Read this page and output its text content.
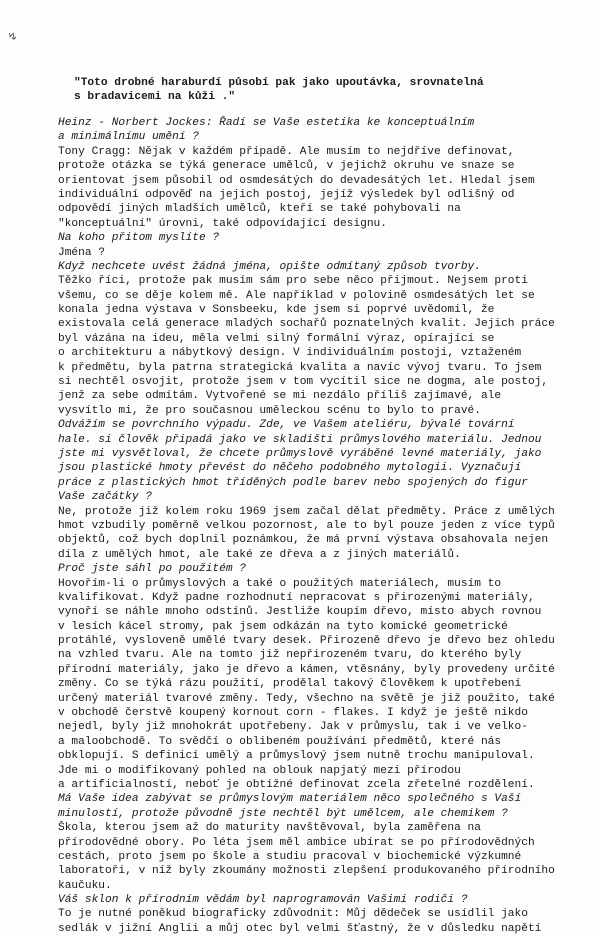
↯

"Toto drobné haraburdí působí pak jako upoutávka, srovnatelná
s bradavicemi na kůži ."

Heinz - Norbert Jockes: Řadí se Vaše estetika ke konceptuálním
a minimálnímu umění ?
Tony Cragg: Nějak v každém případě. Ale musím to nejdříve definovat,
protože otázka se týká generace umělců, v jejichž okruhu ve snaze se
orientovat jsem působil od osmdesátých do devadesátých let. Hledal jsem
individuální odpověď na jejich postoj, jejíž výsledek byl odlišný od
odpovědí jiných mladších umělců, kteří se také pohybovali na
"konceptuální" úrovni, také odpovídající designu.
Na koho přitom myslíte ?
Jména ?
Když nechcete uvést žádná jména, opište odmítaný způsob tvorby.
Těžko říci, protože pak musím sám pro sebe něco přijmout. Nejsem proti
všemu, co se děje kolem mě. Ale například v polovině osmdesátých let se
konala jedna výstava v Sonsbeeku, kde jsem si poprvé uvědomil, že
existovala celá generace mladých sochařů poznatelných kvalit. Jejich práce
byl vázána na ideu, měla velmi silný formální výraz, opírající se
o architekturu a nábytkový design. V individuálním postoji, vztaženém
k předmětu, byla patrna strategická kvalita a navíc vývoj tvaru. To jsem
si nechtěl osvojit, protože jsem v tom vycítil sice ne dogma, ale postoj,
jenž za sebe odmítám. Vytvořené se mi nezdálo příliš zajímavé, ale
vysvítlo mi, že pro současnou uměleckou scénu to bylo to pravé.
Odvážím se povrchního výpadu. Zde, ve Vašem ateliéru, bývalé tovární
hale. si člověk připadá jako ve skladišti průmyslového materiálu. Jednou
jste mi vysvětloval, že chcete průmyslově vyráběné levné materiály, jako
jsou plastické hmoty převést do něčeho podobného mytologii. Vyznačují
práce z plastických hmot tříděných podle barev nebo spojených do figur
Vaše začátky ?
Ne, protože již kolem roku 1969 jsem začal dělat předměty. Práce z umělých
hmot vzbudily poměrně velkou pozornost, ale to byl pouze jeden z více typů
objektů, což bych doplnil poznámkou, že má první výstava obsahovala nejen
díla z umělých hmot, ale také ze dřeva a z jiných materiálů.
Proč jste sáhl po použitém ?
Hovořím-li o průmyslových a také o použitých materiálech, musím to
kvalifikovat. Když padne rozhodnutí nepracovat s přirozenými materiály,
vynoří se náhle mnoho odstínů. Jestliže koupím dřevo, místo abych rovnou
v lesích kácel stromy, pak jsem odkázán na tyto komické geometrické
protáhlé, vysloveně umělé tvary desek. Přirozeně dřevo je dřevo bez ohledu
na vzhled tvaru. Ale na tomto již nepřirozeném tvaru, do kterého byly
přírodní materiály, jako je dřevo a kámen, vtěsnány, byly provedeny určité
změny. Co se týká rázu použití, prodělal takový člověkem k upotřebení
určený materiál tvarové změny. Tedy, všechno na světě je již použito, také
v obchodě čerstvě koupený kornout corn - flakes. I když je ještě nikdo
nejedl, byly již mnohokrát upotřebeny. Jak v průmyslu, tak i ve velko-
a maloobchodě. To svědčí o oblibeném používání předmětů, které nás
obklopují. S definicí umělý a průmyslový jsem nutně trochu manipuloval.
Jde mi o modifikovaný pohled na oblouk napjatý mezi přírodou
a artificialností, neboť je obtížné definovat zcela zřetelné rozdělení.
Má Vaše idea zabývat se průmyslovým materiálem něco společného s Vaší
minulostí, protože původně jste nechtěl být umělcem, ale chemikem ?
Škola, kterou jsem až do maturity navštěvoval, byla zaměřena na
přírodovědné obory. Po léta jsem měl ambice ubírat se po přírodovědných
cestách, proto jsem po škole a studiu pracoval v biochemické výzkumné
laboratoři, v níž byly zkoumány možnosti zlepšení produkovaného přírodního
kaučuku.
Váš sklon k přírodním vědám byl naprogramován Vašimi rodiči ?
To je nutné poněkud biograficky zdůvodnit: Můj dědeček se usídlil jako
sedlák v jižní Anglii a můj otec byl velmi šťastný, že v důsledku napětí
